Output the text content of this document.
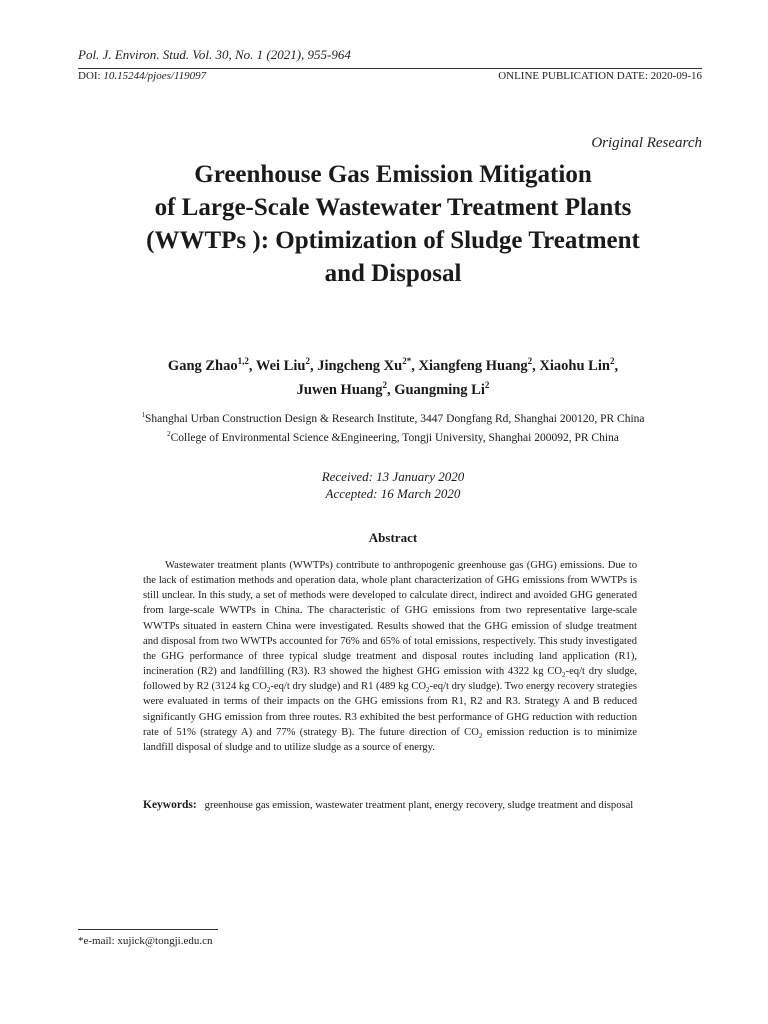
Pol. J. Environ. Stud. Vol. 30, No. 1 (2021), 955-964
DOI: 10.15244/pjoes/119097	ONLINE PUBLICATION DATE: 2020-09-16
Original Research
Greenhouse Gas Emission Mitigation
of Large-Scale Wastewater Treatment Plants
(WWTPs ): Optimization of Sludge Treatment
and Disposal
Gang Zhao$^{1,2}$, Wei Liu$^2$, Jingcheng $Xu^{2*}$, Xiangfeng Huang$^2$, Xiaohu Lin$^2$,
Juwen Huang$^2$, Guangming Li$^2$
$^1$Shanghai Urban Construction Design & Research Institute, 3447 Dongfang Rd, Shanghai 200120, PR China
$^2$College of Environmental Science &Engineering, Tongji University, Shanghai 200092, PR China
Received: 13 January 2020
Accepted: 16 March 2020
Abstract
Wastewater treatment plants (WWTPs) contribute to anthropogenic greenhouse gas (GHG) emissions. Due to the lack of estimation methods and operation data, whole plant characterization of GHG emissions from WWTPs is still unclear. In this study, a set of methods were developed to calculate direct, indirect and avoided GHG generated from large-scale WWTPs in China. The characteristic of GHG emissions from two representative large-scale WWTPs situated in eastern China were investigated. Results showed that the GHG emission of sludge treatment and disposal from two WWTPs accounted for 76% and 65% of total emissions, respectively. This study investigated the GHG performance of three typical sludge treatment and disposal routes including land application (R1), incineration (R2) and landfilling (R3). R3 showed the highest GHG emission with 4322 kg $CO_2-eq/t$ dry sludge, followed by R2 (3124 kg $CO_2-eq/t$ dry sludge) and R1 (489 kg $CO_2-eq/t$ dry sludge). Two energy recovery strategies were evaluated in terms of their impacts on the GHG emissions from R1, R2 and R3. Strategy A and B reduced significantly GHG emission from three routes. R3 exhibited the best performance of GHG reduction with reduction rate of 51% (strategy A) and 77% (strategy B). The future direction of $CO_2$ emission reduction is to minimize landfill disposal of sludge and to utilize sludge as a source of energy.
Keywords: greenhouse gas emission, wastewater treatment plant, energy recovery, sludge treatment and disposal
*e-mail: xujick@tongji.edu.cn
